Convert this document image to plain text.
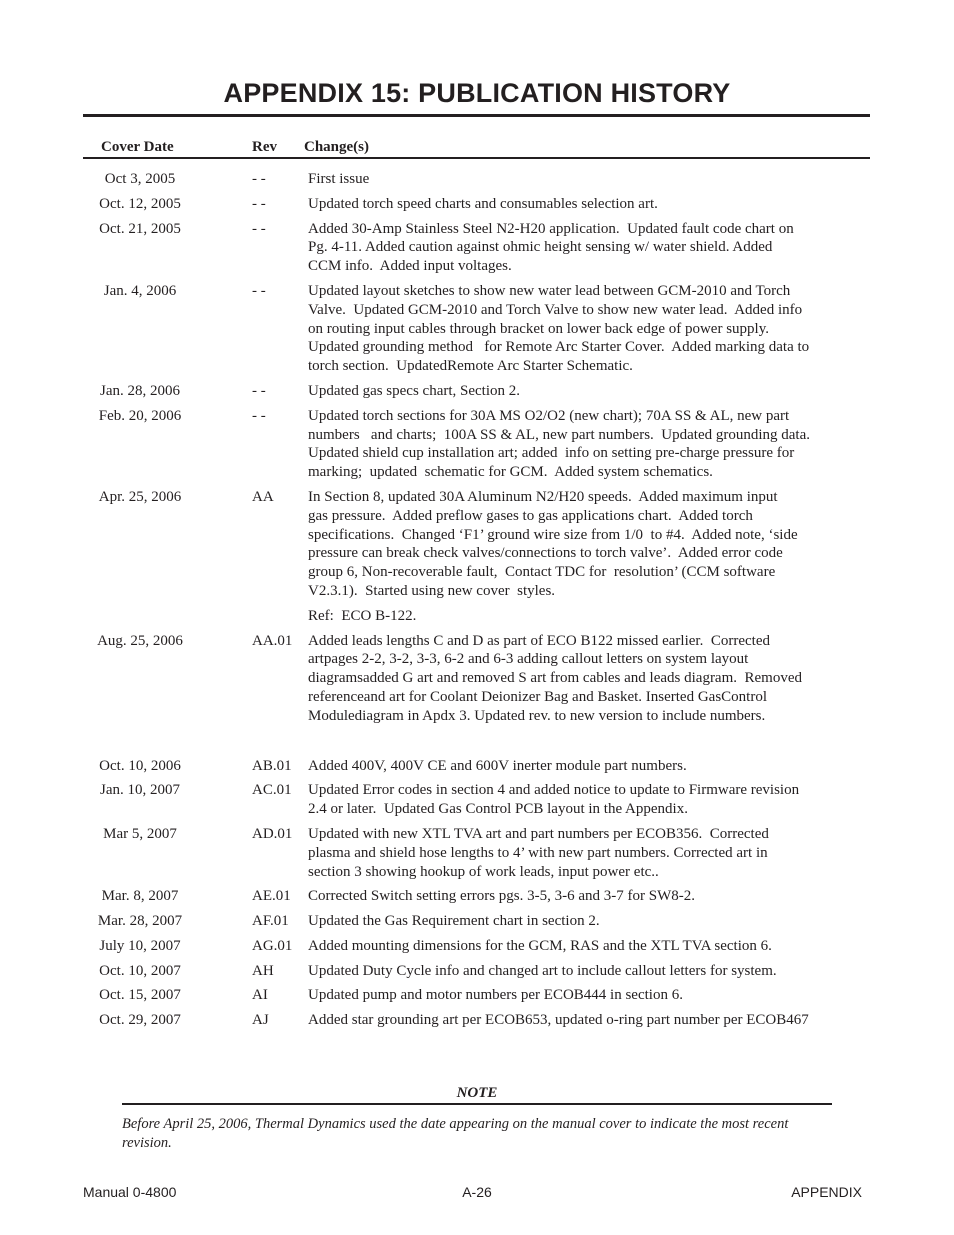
APPENDIX 15: PUBLICATION HISTORY
Cover Date	Rev Change(s)
Oct 3, 2005	- -	First issue
Oct. 12, 2005	- -	Updated torch speed charts and consumables selection art.
Oct. 21, 2005	- -	Added 30-Amp Stainless Steel N2-H20 application.  Updated fault code chart on
Pg. 4-11. Added caution against ohmic height sensing w/ water shield. Added
CCM info.  Added input voltages.
Jan. 4, 2006	- -	Updated layout sketches to show new water lead between GCM-2010 and Torch
Valve.  Updated GCM-2010 and Torch Valve to show new water lead.  Added info
on routing input cables through bracket on lower back edge of power supply.
Updated grounding method   for Remote Arc Starter Cover.  Added marking data to
torch section.  UpdatedRemote Arc Starter Schematic.
Jan. 28, 2006	- -	Updated gas specs chart, Section 2.
Feb. 20, 2006	- -	Updated torch sections for 30A MS O2/O2 (new chart); 70A SS & AL, new part
numbers   and charts;  100A SS & AL, new part numbers.  Updated grounding data.
Updated shield cup installation art; added  info on setting pre-charge pressure for
marking;  updated  schematic for GCM.  Added system schematics.
Apr. 25, 2006	AA In Section 8, updated 30A Aluminum N2/H20 speeds.  Added maximum input
gas pressure.  Added preflow gases to gas applications chart.  Added torch
specifications.  Changed ‘F1’ ground wire size from 1/0  to #4.  Added note, ‘side
pressure can break check valves/connections to torch valve’.  Added error code
group 6, Non-recoverable fault,  Contact TDC for  resolution’ (CCM software
V2.3.1).  Started using new cover  styles.
Ref:  ECO B-122.
Aug. 25, 2006	AA.01 Added leads lengths C and D as part of ECO B122 missed earlier.  Corrected
artpages 2-2, 3-2, 3-3, 6-2 and 6-3 adding callout letters on system layout
diagramsadded G art and removed S art from cables and leads diagram.  Removed
referenceand art for Coolant Deionizer Bag and Basket. Inserted GasControl
Modulediagram in Apdx 3. Updated rev. to new version to include numbers.
Oct. 10, 2006	AB.01 Added 400V, 400V CE and 600V inerter module part numbers.
Jan. 10, 2007	AC.01 Updated Error codes in section 4 and added notice to update to Firmware revision
2.4 or later.  Updated Gas Control PCB layout in the Appendix.
Mar 5, 2007	AD.01 Updated with new XTL TVA art and part numbers per ECOB356.  Corrected
plasma and shield hose lengths to 4’ with new part numbers. Corrected art in
section 3 showing hookup of work leads, input power etc..
Mar. 8, 2007	AE.01 Corrected Switch setting errors pgs. 3-5, 3-6 and 3-7 for SW8-2.
Mar. 28, 2007	AF.01 Updated the Gas Requirement chart in section 2.
July 10, 2007	AG.01 Added mounting dimensions for the GCM, RAS and the XTL TVA section 6.
Oct. 10, 2007	AH Updated Duty Cycle info and changed art to include callout letters for system.
Oct. 15, 2007	AI	Updated pump and motor numbers per ECOB444 in section 6.
Oct. 29, 2007	AJ	Added star grounding art per ECOB653, updated o-ring part number per ECOB467
NOTE
Before April 25, 2006, Thermal Dynamics used the date appearing on the manual cover to indicate the most recent revision.
Manual 0-4800	A-26	APPENDIX
